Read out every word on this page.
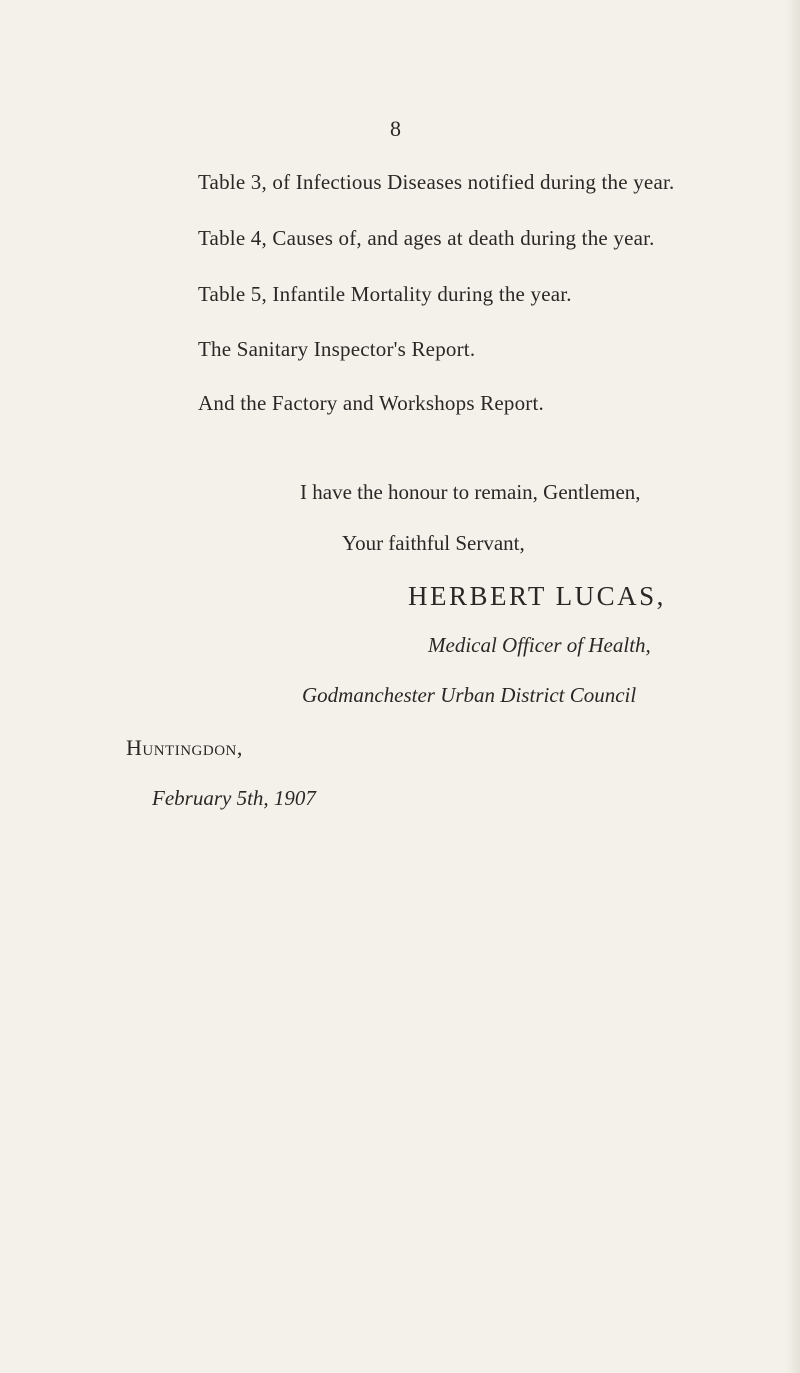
8
Table 3, of Infectious Diseases notified during the year.
Table 4, Causes of, and ages at death during the year.
Table 5, Infantile Mortality during the year.
The Sanitary Inspector's Report.
And the Factory and Workshops Report.
I have the honour to remain, Gentlemen,
Your faithful Servant,
HERBERT LUCAS,
Medical Officer of Health,
Godmanchester Urban District Council
Huntingdon,
February 5th, 1907
